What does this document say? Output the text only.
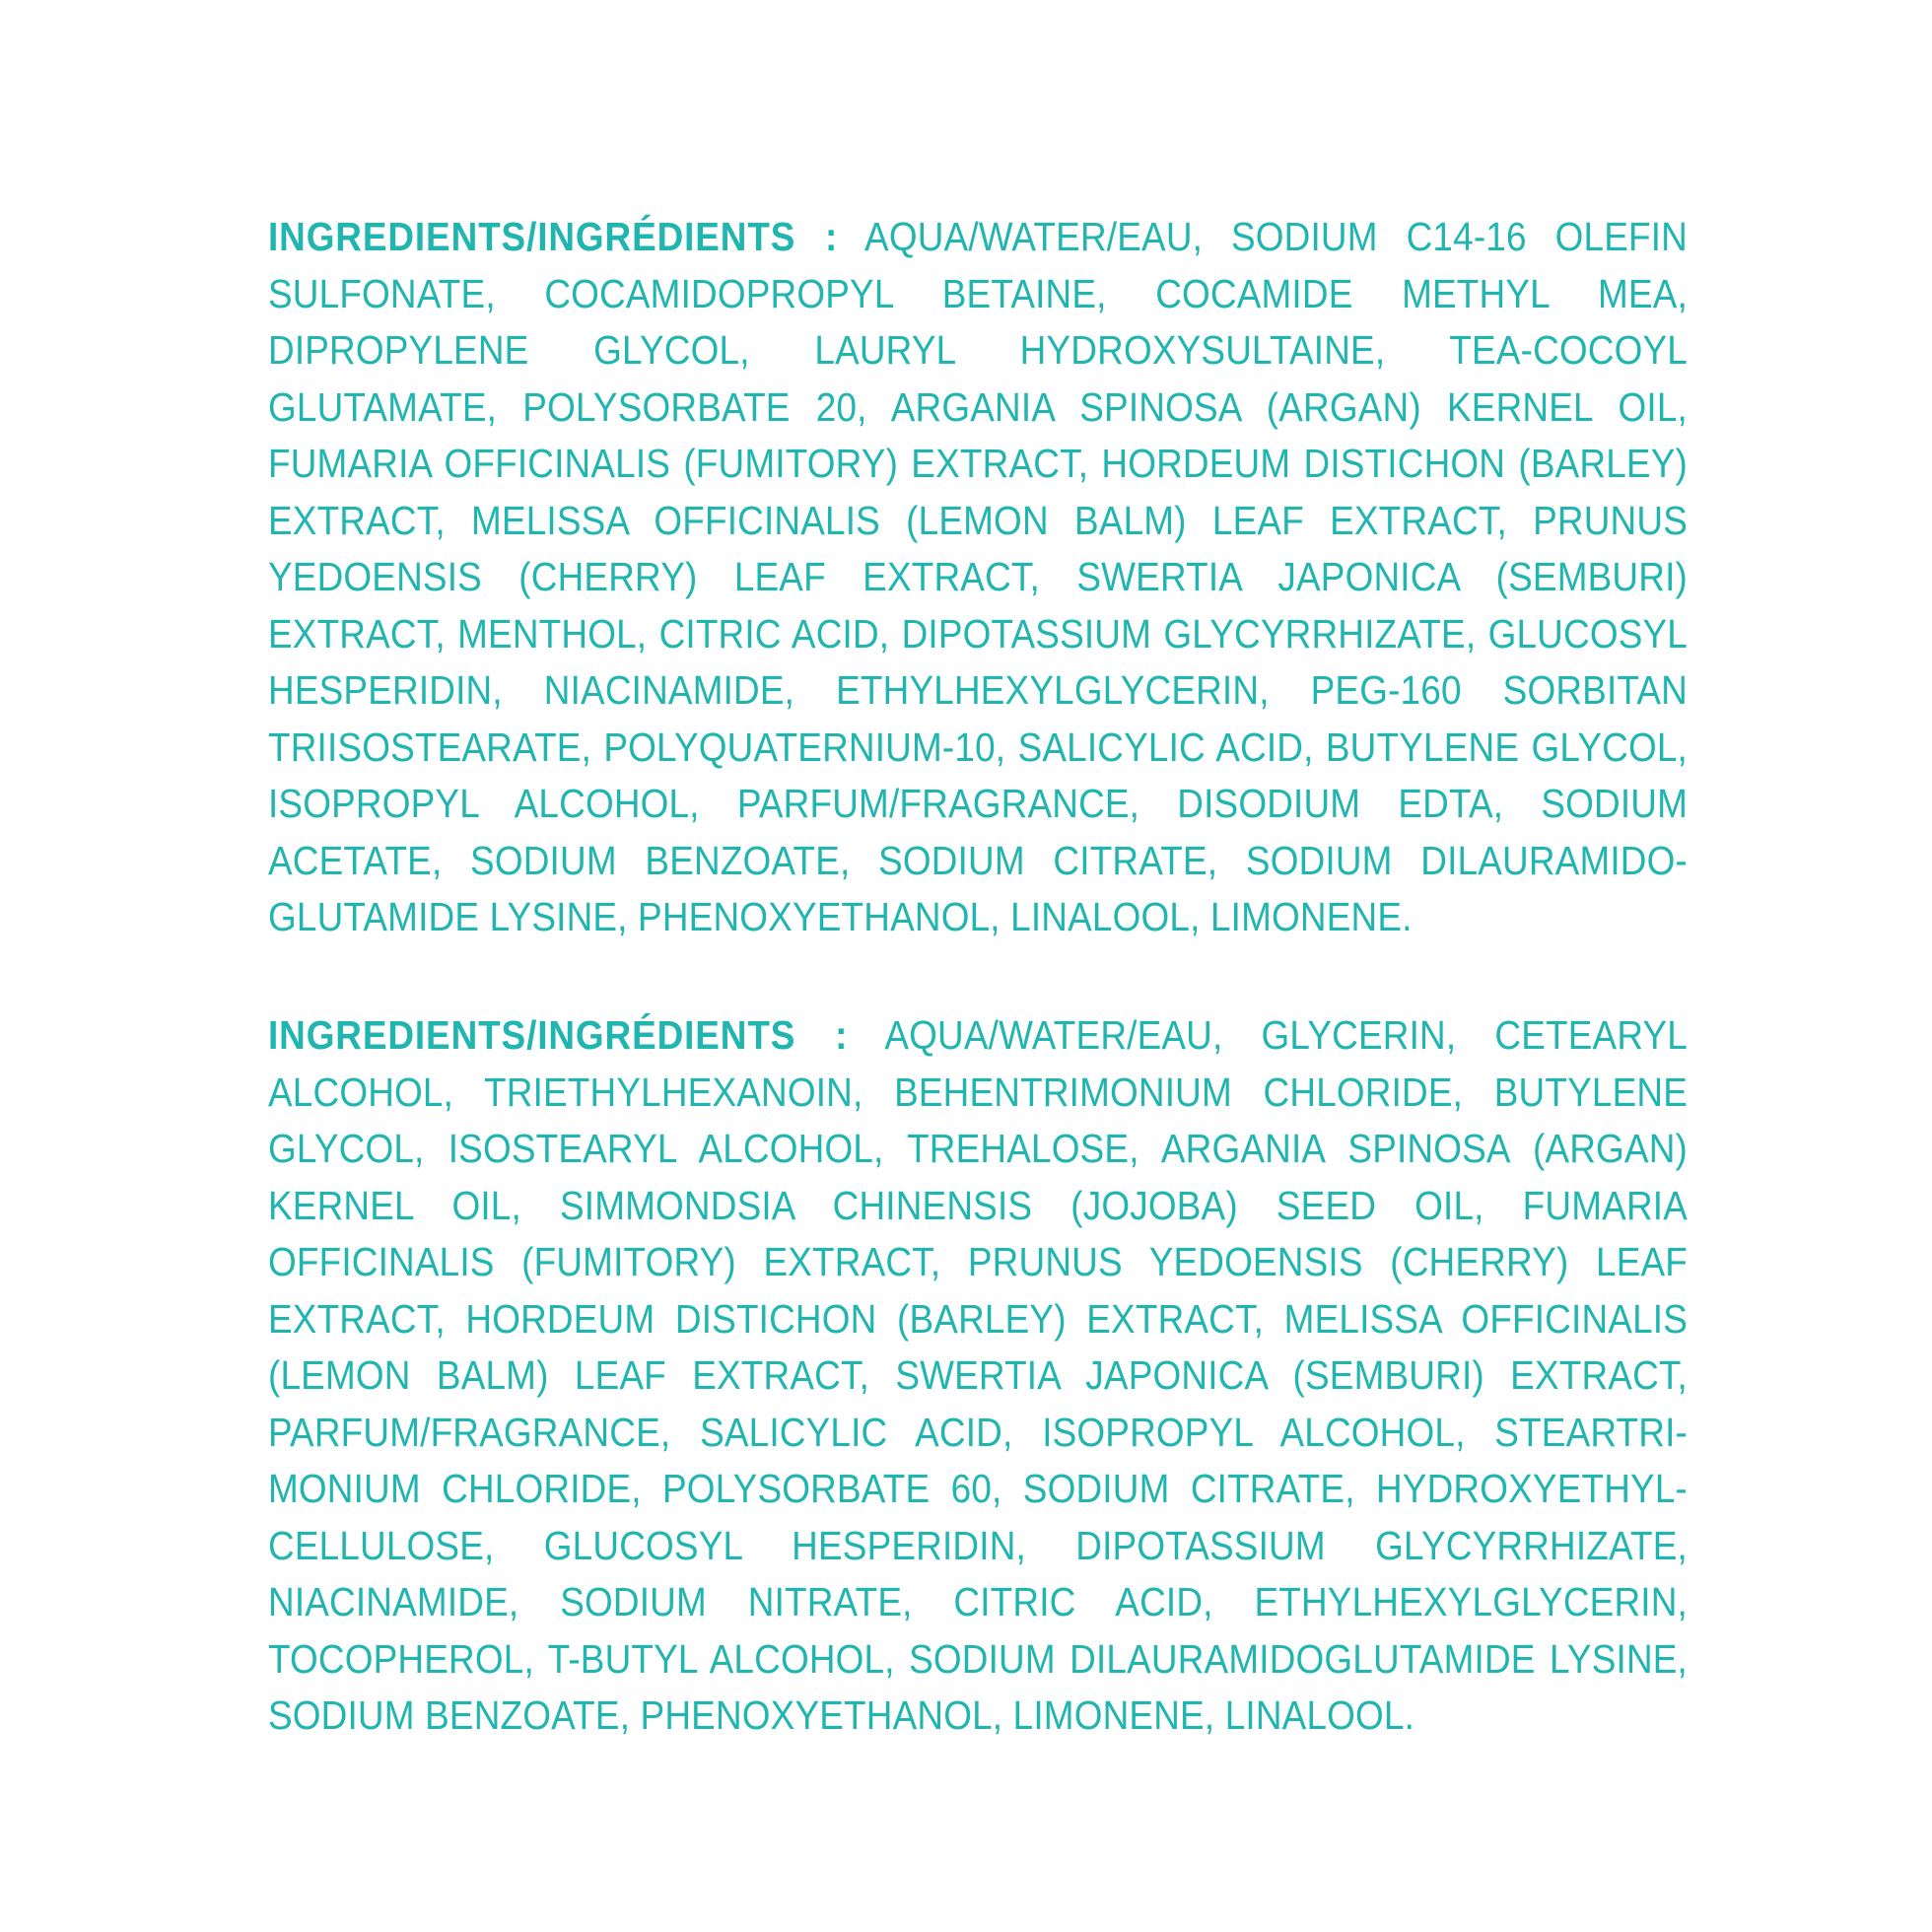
INGREDIENTS/INGRÉDIENTS : AQUA/WATER/EAU, SODIUM C14-16 OLEFIN SULFONATE, COCAMIDOPROPYL BETAINE, COCAMIDE METHYL MEA, DIPROPYLENE GLYCOL, LAURYL HYDROXYSULTAINE, TEA-COCOYL GLUTAMATE, POLYSORBATE 20, ARGANIA SPINOSA (ARGAN) KERNEL OIL, FUMARIA OFFICINALIS (FUMITORY) EXTRACT, HORDEUM DISTICHON (BARLEY) EXTRACT, MELISSA OFFICINALIS (LEMON BALM) LEAF EXTRACT, PRUNUS YEDOENSIS (CHERRY) LEAF EXTRACT, SWERTIA JAPONICA (SEMBURI) EXTRACT, MENTHOL, CITRIC ACID, DIPOTASSIUM GLYCYRRHIZATE, GLUCOSYL HESPERIDIN, NIACINAMIDE, ETHYLHEXYLGLYCERIN, PEG-160 SORBITAN TRIISOSTEARATE, POLYQUATERNIUM-10, SALICYLIC ACID, BUTYLENE GLYCOL, ISOPROPYL ALCOHOL, PARFUM/FRAGRANCE, DISODIUM EDTA, SODIUM ACETATE, SODIUM BENZOATE, SODIUM CITRATE, SODIUM DILAURAMIDO-GLUTAMIDE LYSINE, PHENOXYETHANOL, LINALOOL, LIMONENE.

INGREDIENTS/INGRÉDIENTS : AQUA/WATER/EAU, GLYCERIN, CETEARYL ALCOHOL, TRIETHYLHEXANOIN, BEHENTRIMONIUM CHLORIDE, BUTYLENE GLYCOL, ISOSTEARYL ALCOHOL, TREHALOSE, ARGANIA SPINOSA (ARGAN) KERNEL OIL, SIMMONDSIA CHINENSIS (JOJOBA) SEED OIL, FUMARIA OFFICINALIS (FUMITORY) EXTRACT, PRUNUS YEDOENSIS (CHERRY) LEAF EXTRACT, HORDEUM DISTICHON (BARLEY) EXTRACT, MELISSA OFFICINALIS (LEMON BALM) LEAF EXTRACT, SWERTIA JAPONICA (SEMBURI) EXTRACT, PARFUM/FRAGRANCE, SALICYLIC ACID, ISOPROPYL ALCOHOL, STEARTRI- MONIUM CHLORIDE, POLYSORBATE 60, SODIUM CITRATE, HYDROXYETHYL- CELLULOSE, GLUCOSYL HESPERIDIN, DIPOTASSIUM GLYCYRRHIZATE, NIACINAMIDE, SODIUM NITRATE, CITRIC ACID, ETHYLHEXYLGLYCERIN, TOCOPHEROL, T-BUTYL ALCOHOL, SODIUM DILAURAMIDOGLUTAMIDE LYSINE, SODIUM BENZOATE, PHENOXYETHANOL, LIMONENE, LINALOOL.
